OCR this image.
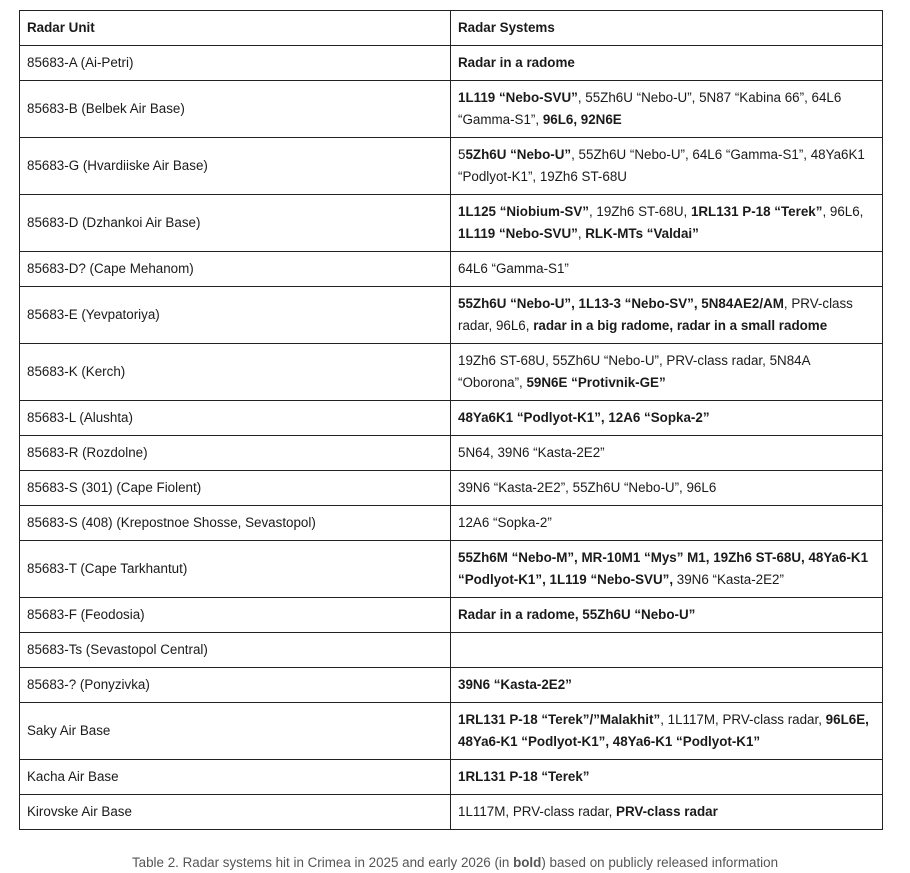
Radar Unit	Radar Systems
85683-A (Ai-Petri)	Radar in a radome
85683-B (Belbek Air Base)	1L119 “Nebo-SVU”, 55Zh6U “Nebo-U”, 5N87 “Kabina 66”, 64L6 “Gamma-S1”, 96L6, 92N6E
85683-G (Hvardiiske Air Base)	55Zh6U “Nebo-U”, 55Zh6U “Nebo-U”, 64L6 “Gamma-S1”, 48Ya6K1 “Podlyot-K1”, 19Zh6 ST-68U
85683-D (Dzhankoi Air Base)	1L125 “Niobium-SV”, 19Zh6 ST-68U, 1RL131 P-18 “Terek”, 96L6, 1L119 “Nebo-SVU”, RLK-MTs “Valdai”
85683-D? (Cape Mehanom)	64L6 “Gamma-S1”
85683-E (Yevpatoriya)	55Zh6U “Nebo-U”, 1L13-3 “Nebo-SV”, 5N84AE2/AM, PRV-class radar, 96L6, radar in a big radome, radar in a small radome
85683-K (Kerch)	19Zh6 ST-68U, 55Zh6U “Nebo-U”, PRV-class radar, 5N84A “Oborona”, 59N6E “Protivnik-GE”
85683-L (Alushta)	48Ya6K1 “Podlyot-K1”, 12A6 “Sopka-2”
85683-R (Rozdolne)	5N64, 39N6 “Kasta-2E2”
85683-S (301) (Cape Fiolent)	39N6 “Kasta-2E2”, 55Zh6U “Nebo-U”, 96L6
85683-S (408) (Krepostnoe Shosse, Sevastopol)	12A6 “Sopka-2”
85683-T (Cape Tarkhantut)	55Zh6M “Nebo-M”, MR-10M1 “Mys” M1, 19Zh6 ST-68U, 48Ya6-K1 “Podlyot-K1”, 1L119 “Nebo-SVU”, 39N6 “Kasta-2E2”
85683-F (Feodosia)	Radar in a radome, 55Zh6U “Nebo-U”
85683-Ts (Sevastopol Central)	
85683-? (Ponyzivka)	39N6 “Kasta-2E2”
Saky Air Base	1RL131 P-18 “Terek”/”Malakhit”, 1L117M, PRV-class radar, 96L6E, 48Ya6-K1 “Podlyot-K1”, 48Ya6-K1 “Podlyot-K1”
Kacha Air Base	1RL131 P-18 “Terek”
Kirovske Air Base	1L117M, PRV-class radar, PRV-class radar
Table 2. Radar systems hit in Crimea in 2025 and early 2026 (in bold) based on publicly released information
